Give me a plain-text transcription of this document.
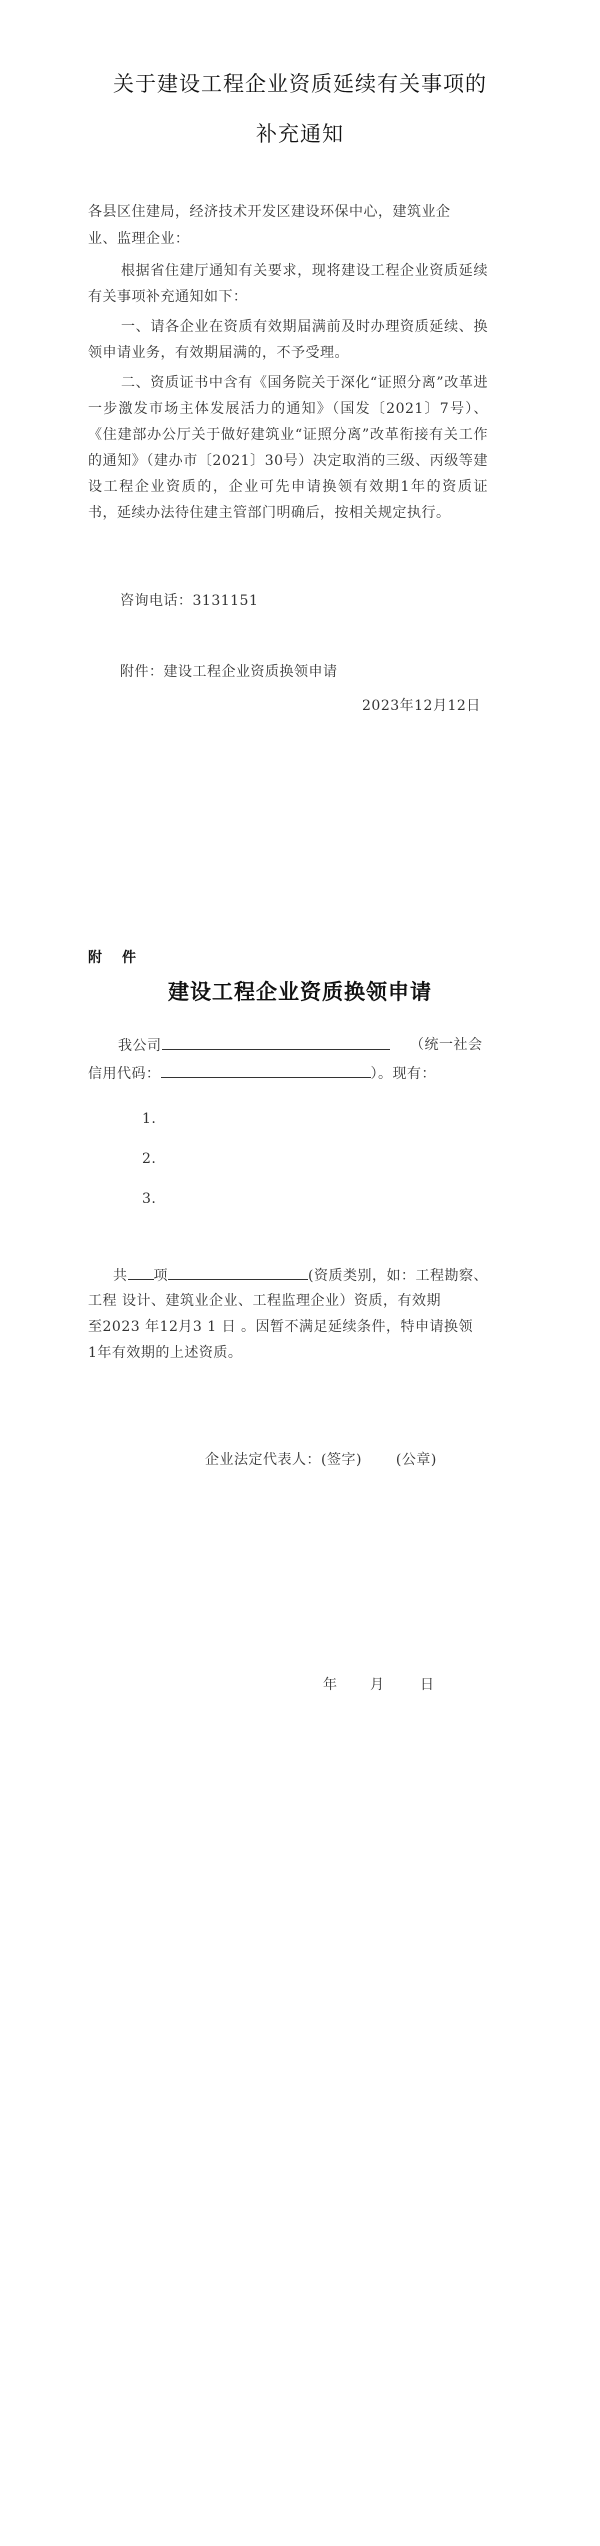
关于建设工程企业资质延续有关事项的
补充通知
各县区住建局，经济技术开发区建设环保中心，建筑业企
业、监理企业：

根据省住建厅通知有关要求，现将建设工程企业资质延续有关事项补充通知如下：

一、请各企业在资质有效期届满前及时办理资质延续、换领申请业务，有效期届满的，不予受理。

二、资质证书中含有《国务院关于深化“证照分离”改革进一步激发市场主体发展活力的通知》（国发〔2021〕7号）、《住建部办公厅关于做好建筑业“证照分离”改革衔接有关工作的通知》（建办市〔2021〕30号）决定取消的三级、丙级等建设工程企业资质的，企业可先申请换领有效期1年的资质证书，延续办法待住建主管部门明确后，按相关规定执行。

咨询电话：3131151
附件：建设工程企业资质换领申请
2023年12月12日
附　件
建设工程企业资质换领申请
我公司	（统一社会
信用代码：	）。现有：
1.
2.
3.
共 项	(资质类别，如：工程勘察、
工程 设计、建筑业企业、工程监理企业）资质，有效期
至2023 年12月3 1 日 。因暂不满足延续条件，特申请换领
1年有效期的上述资质。
企业法定代表人：(签字)　　 (公章)
年 月	日
